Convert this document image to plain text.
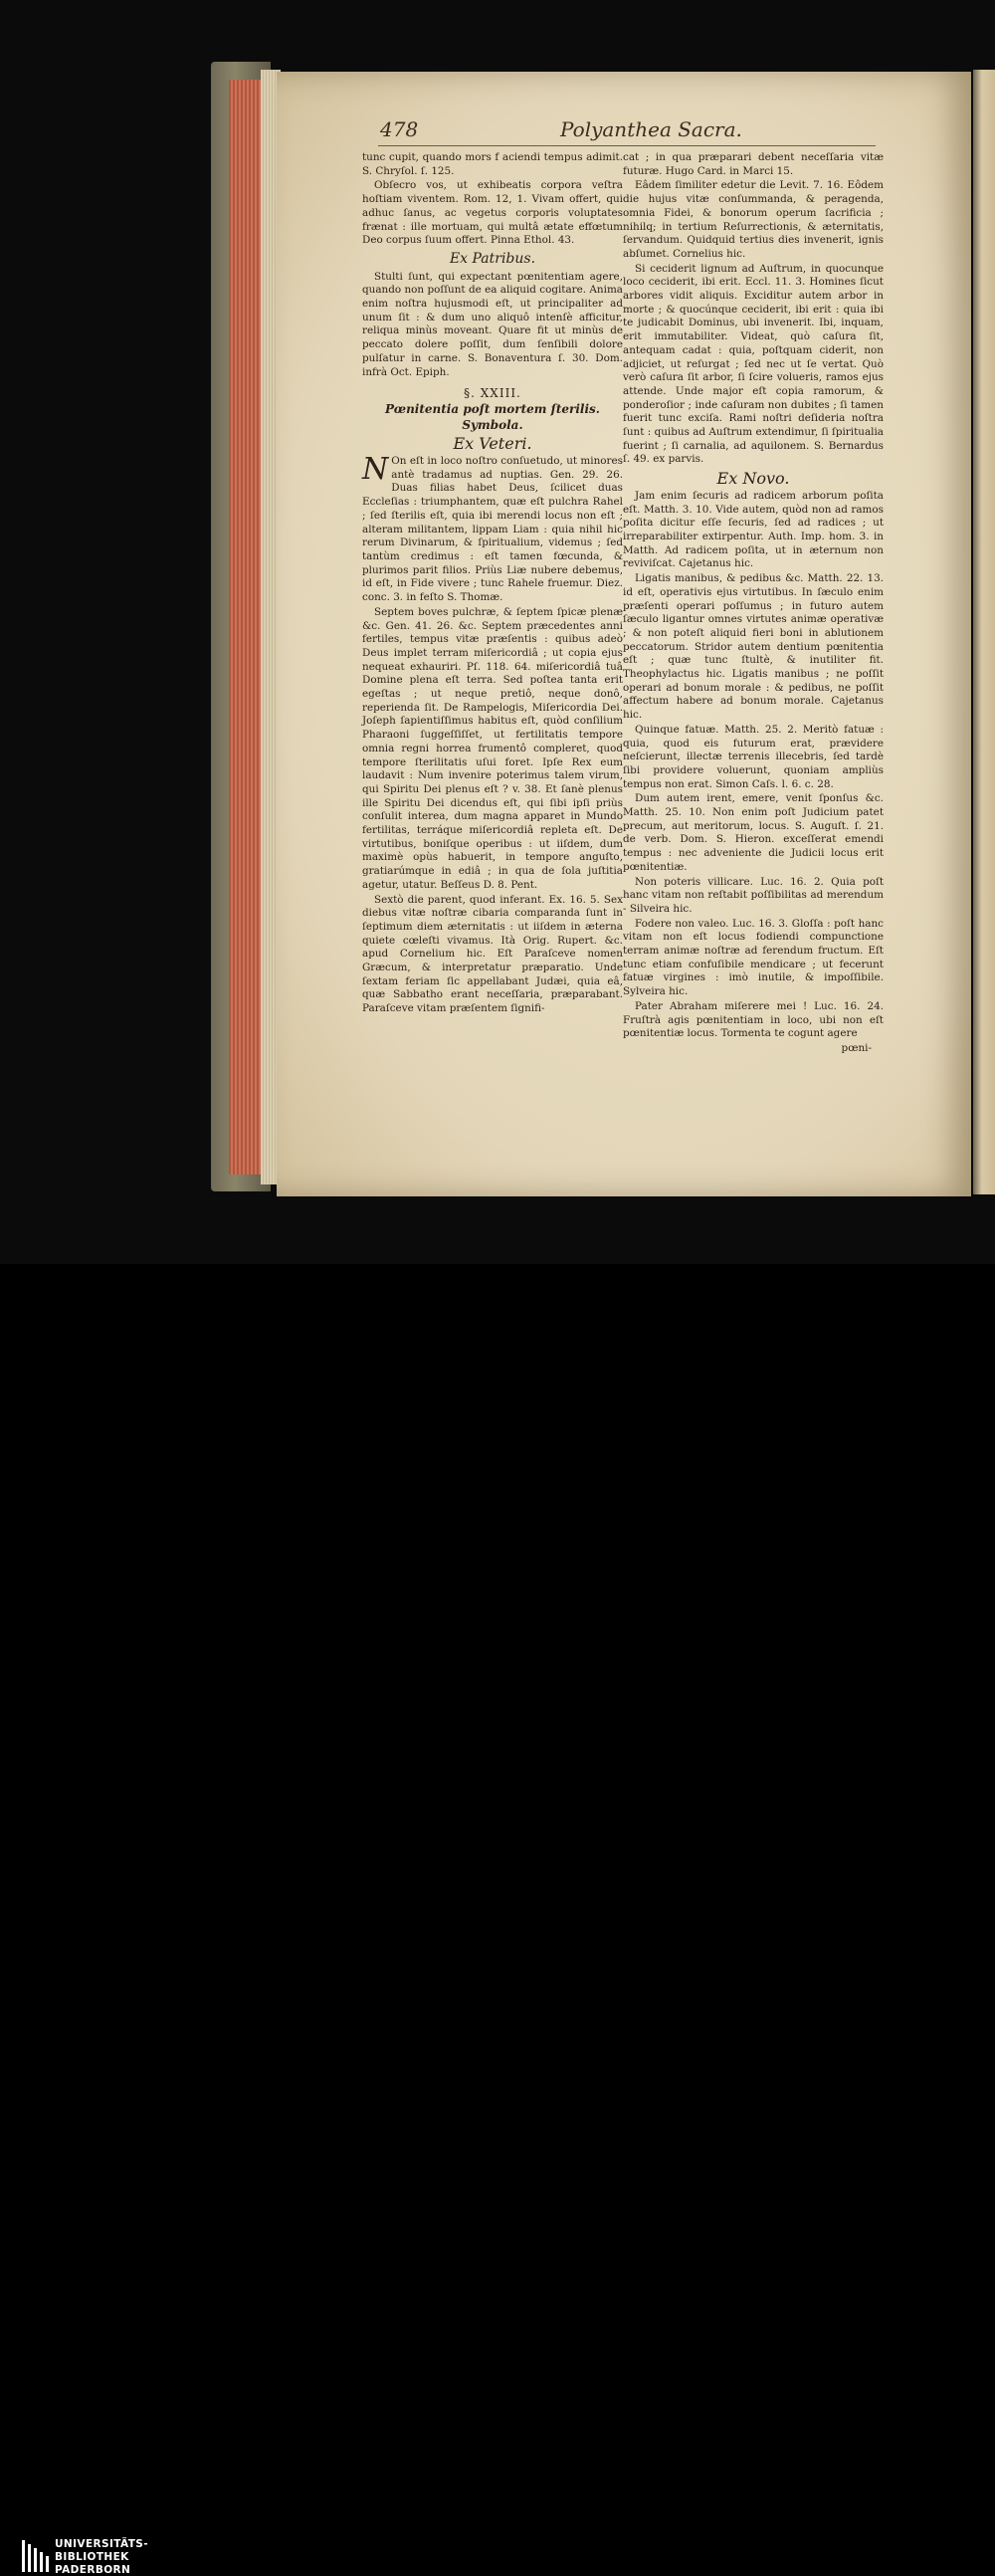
478	Polyanthea Sacra.

tunc cupit, quando mors f aciendi tempus adimit. S. Chryſol. ſ. 125.

Obſecro vos, ut exhibeatis corpora veſtra hoſtiam viventem. Rom. 12, 1. Vivam offert, qui adhuc ſanus, ac vegetus corporis voluptates frænat : ille mortuam, qui multâ ætate effœtum Deo corpus ſuum offert. Pinna Ethol. 43.

Ex Patribus.

Stulti ſunt, qui expectant pœnitentiam agere, quando non poſſunt de ea aliquid cogitare. Anima enim noſtra hujusmodi eſt, ut principaliter ad unum ſit : & dum uno aliquô intenſè afficitur, reliqua minùs moveant. Quare fit ut minùs de peccato dolere poſſit, dum ſenſibili dolore pulſatur in carne. S. Bonaventura ſ. 30. Dom. infrà Oct. Epiph.

§. XXIII.
Pœnitentia poſt mortem ſterilis.
Symbola.
Ex Veteri.

N On eſt in loco noſtro conſuetudo, ut minores antè tradamus ad nuptias. Gen. 29. 26. Duas filias habet Deus, ſcilicet duas Eccleſias : triumphantem, quæ eſt pulchra Rahel ; ſed ſterilis eſt, quia ibi merendi locus non eſt ; alteram militantem, lippam Liam : quia nihil hic rerum Divinarum, & ſpiritualium, videmus ; ſed tantùm credimus : eſt tamen fœcunda, & plurimos parit filios. Priùs Liæ nubere debemus, id eſt, in Fide vivere ; tunc Rahele fruemur. Diez. conc. 3. in feſto S. Thomæ.

Septem boves pulchræ, & ſeptem ſpicæ plenæ &c. Gen. 41. 26. &c. Septem præcedentes anni fertiles, tempus vitæ præſentis : quibus adeò Deus implet terram miſericordiâ ; ut copia ejus nequeat exhauriri. Pſ. 118. 64. miſericordiâ tuâ Domine plena eſt terra. Sed poſtea tanta erit egeſtas ; ut neque pretiô, neque donô, reperienda ſit. De Rampelogis, Miſericordia Dei. Joſeph ſapientiſſimus habitus eſt, quòd conſilium Pharaoni ſuggeſſiſſet, ut fertilitatis tempore omnia regni horrea frumentô compleret, quod tempore ſterilitatis uſui foret. Ipſe Rex eum laudavit : Num invenire poterimus talem virum, qui Spiritu Dei plenus eſt ? v. 38. Et ſanè plenus ille Spiritu Dei dicendus eſt, qui ſibi ipſi priùs conſulit interea, dum magna apparet in Mundo fertilitas, terráque miſericordiâ repleta eſt. De virtutibus, boniſque operibus : ut iiſdem, dum maximè opùs habuerit, in tempore anguſto, gratiarúmque in ediâ ; in qua de ſola juſtitia agetur, utatur. Beſſeus D. 8. Pent.

Sextò die parent, quod inferant. Ex. 16. 5. Sex diebus vitæ noſtræ cibaria comparanda ſunt in ſeptimum diem æternitatis : ut iiſdem in æterna quiete cœleſti vivamus. Ità Orig. Rupert. &c. apud Cornelium hic. Eſt Paraſceve nomen Græcum, & interpretatur præparatio. Unde ſextam feriam ſic appellabant Judæi, quia eâ, quæ Sabbatho erant neceſſaria, præparabant. Paraſceve vitam præſentem ſignifi-

cat ; in qua præparari debent neceſſaria vitæ futuræ. Hugo Card. in Marci 15.

Eâdem ſimiliter edetur die Levit. 7. 16. Eôdem die hujus vitæ conſummanda, & peragenda, omnia Fidei, & bonorum operum ſacrificia ; nihilq; in tertium Reſurrectionis, & æternitatis, ſervandum. Quidquid tertius dies invenerit, ignis abſumet. Cornelius hic.

Si ceciderit lignum ad Auſtrum, in quocunque loco ceciderit, ibi erit. Eccl. 11. 3. Homines ſicut arbores vidit aliquis. Exciditur autem arbor in morte ; & quocúnque ceciderit, ibi erit : quia ibi te judicabit Dominus, ubi invenerit. Ibi, inquam, erit immutabiliter. Videat, quò caſura ſit, antequam cadat : quia, poſtquam ciderit, non adjiciet, ut reſurgat ; ſed nec ut ſe vertat. Quò verò caſura ſit arbor, ſi ſcire volueris, ramos ejus attende. Unde major eſt copia ramorum, & ponderoſior ; inde caſuram non dubites ; ſi tamen fuerit tunc exciſa. Rami noſtri deſideria noſtra ſunt : quibus ad Auſtrum extendimur, ſi ſpiritualia fuerint ; ſi carnalia, ad aquilonem. S. Bernardus ſ. 49. ex parvis.

Ex Novo.

Jam enim ſecuris ad radicem arborum poſita eſt. Matth. 3. 10. Vide autem, quòd non ad ramos poſita dicitur eſſe ſecuris, ſed ad radices ; ut irreparabiliter extirpentur. Auth. Imp. hom. 3. in Matth. Ad radicem poſita, ut in æternum non reviviſcat. Cajetanus hic.

Ligatis manibus, & pedibus &c. Matth. 22. 13. id eſt, operativis ejus virtutibus. In ſæculo enim præſenti operari poſſumus ; in futuro autem ſæculo ligantur omnes virtutes animæ operativæ ; & non poteſt aliquid fieri boni in ablutionem peccatorum. Stridor autem dentium pœnitentia eſt ; quæ tunc ſtultè, & inutiliter fit. Theophylactus hic. Ligatis manibus ; ne poſſit operari ad bonum morale : & pedibus, ne poſſit affectum habere ad bonum morale. Cajetanus hic.

Quinque fatuæ. Matth. 25. 2. Meritò fatuæ : quia, quod eis futurum erat, prævidere neſcierunt, illectæ terrenis illecebris, ſed tardè ſibi providere voluerunt, quoniam ampliùs tempus non erat. Simon Caſs. l. 6. c. 28.

Dum autem irent, emere, venit ſponſus &c. Matth. 25. 10. Non enim poſt Judicium patet precum, aut meritorum, locus. S. Auguſt. ſ. 21. de verb. Dom. S. Hieron. exceſſerat emendi tempus : nec adveniente die Judicii locus erit pœnitentiæ.

Non poteris villicare. Luc. 16. 2. Quia poſt hanc vitam non reſtabit poſſibilitas ad merendum - Silveira hic.

Fodere non valeo. Luc. 16. 3. Gloſſa : poſt hanc vitam non eſt locus fodiendi compunctione terram animæ noſtræ ad ferendum fructum. Eſt tunc etiam confuſibile mendicare ; ut fecerunt fatuæ virgines : imò inutile, & impoſſibile. Sylveira hic.

Pater Abraham miſerere mei ! Luc. 16. 24. Fruſtrà agis pœnitentiam in loco, ubi non eſt pœnitentiæ locus. Tormenta te cogunt agere

pœni-
UNIVERSITÄTS-
BIBLIOTHEK
PADERBORN
